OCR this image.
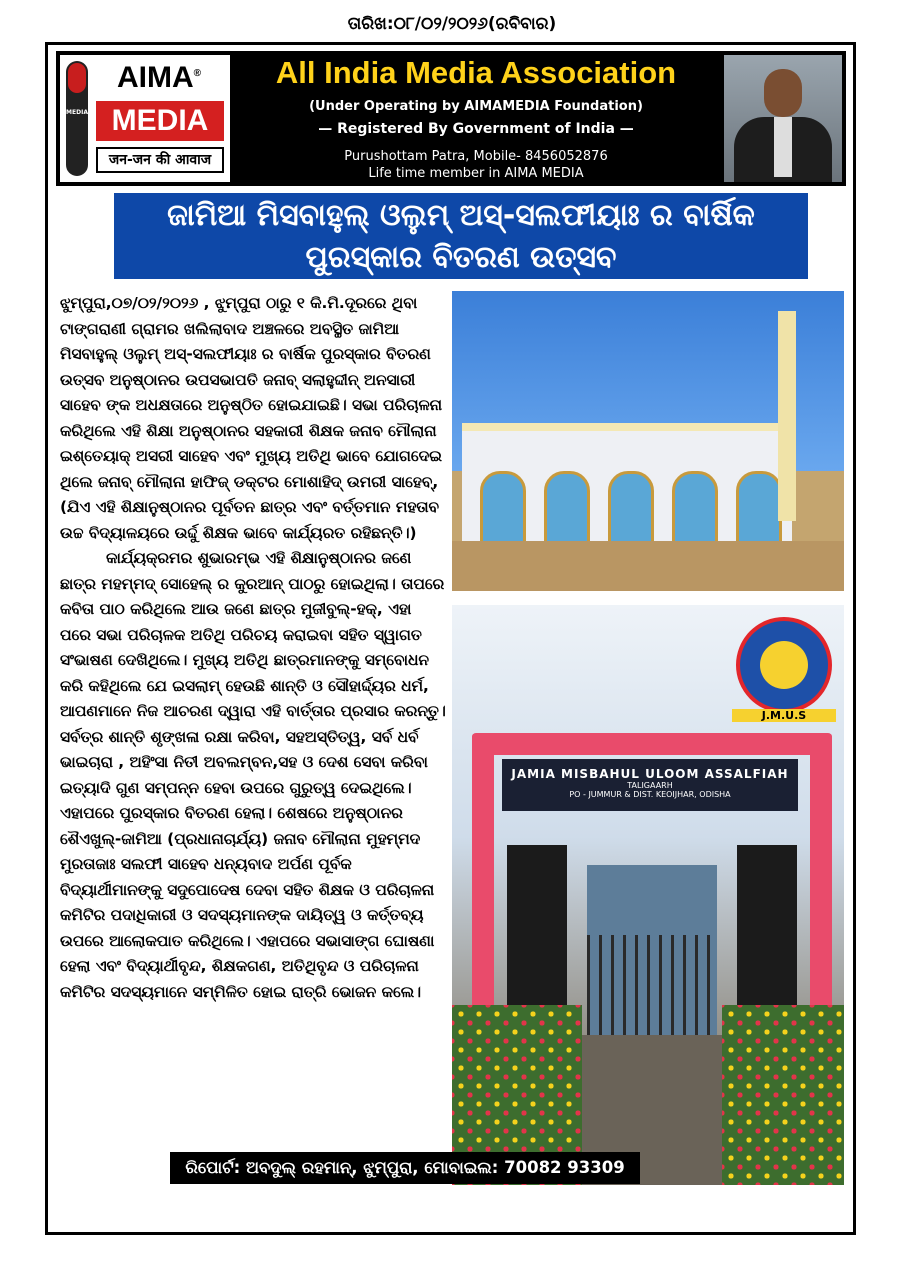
ତାରିଖ:୦୮/୦୨/୨୦୨୬(ରବିବାର)
MEDIA
AIMA®
MEDIA
जन-जन की आवाज
All India Media Association
(Under Operating by AIMAMEDIA Foundation)
— Registered By Government of India —
Purushottam Patra, Mobile- 8456052876
Life time member in AIMA MEDIA
ଜାମିଆ ମିସବାହୁଲ୍ ଓଲୁମ୍ ଅସ୍-ସଲଫୀୟାଃ ର ବାର୍ଷିକ
ପୁରସ୍କାର ବିତରଣ ଉତ୍ସବ

ଝୁମ୍ପୁରା,୦୭/୦୨/୨୦୨୬ , ଝୁମ୍ପୁରା ଠାରୁ ୧ କି.ମି.ଦୂରରେ ଥିବା ଟାଙ୍ଗରାଣୀ ଗ୍ରାମର ଖଲିଲାବାଦ ଅଞ୍ଚଳରେ ଅବସ୍ଥିତ ଜାମିଆ ମିସବାହୁଲ୍ ଓଲୁମ୍ ଅସ୍-ସଲଫୀୟାଃ ର ବାର୍ଷିକ ପୁରସ୍କାର ବିତରଣ ଉତ୍ସବ ଅନୁଷ୍ଠାନର ଉପସଭାପତି ଜନାବ୍ ସଲାହୁଦ୍ଦୀନ୍ ଅନସାରୀ ସାହେବ ଙ୍କ ଅଧକ୍ଷତାରେ ଅନୁଷ୍ଠିତ ହୋଇଯାଇଛି। ସଭା ପରିଚାଳନା କରିଥିଲେ ଏହି ଶିକ୍ଷା ଅନୁଷ୍ଠାନର ସହକାରୀ ଶିକ୍ଷକ ଜନାବ ମୌଲାନା ଇଶ୍ତେୟାକ୍ ଅସରୀ ସାହେବ ଏବଂ ମୁଖ୍ୟ ଅତିଥି ଭାବେ ଯୋଗଦେଇ ଥିଲେ ଜନାବ୍ ମୌଲାନା ହାଫିଜ୍ ଡକ୍ଟର ମୋଶାହିଦ୍ ଉମରୀ ସାହେବ୍,(ଯିଏ ଏହି ଶିକ୍ଷାନୁଷ୍ଠାନର ପୂର୍ବତନ ଛାତ୍ର ଏବଂ ବର୍ତ୍ତମାନ ମହତାବ ଉଚ୍ଚ ବିଦ୍ୟାଳୟରେ ଉର୍ଦ୍ଦୁ ଶିକ୍ଷକ ଭାବେ କାର୍ଯ୍ୟରତ ରହିଛନ୍ତି।)

କାର୍ଯ୍ୟକ୍ରମର ଶୁଭାରମ୍ଭ ଏହି ଶିକ୍ଷାନୁଷ୍ଠାନର ଜଣେ ଛାତ୍ର ମହମ୍ମଦ୍ ସୋହେଲ୍ ର କୁରଆନ୍ ପାଠରୁ ହୋଇଥିଲା। ତାପରେ କବିତା ପାଠ କରିଥିଲେ ଆଉ ଜଣେ ଛାତ୍ର ମୁଜୀବୁଲ୍-ହକ୍, ଏହା ପରେ ସଭା ପରିଚାଳକ ଅତିଥି ପରିଚୟ କରାଇବା ସହିତ ସ୍ୱାଗତ ସଂଭାଷଣ ଦେଖିଥିଲେ। ମୁଖ୍ୟ ଅତିଥି ଛାତ୍ରମାନଙ୍କୁ ସମ୍ବୋଧନ କରି କହିଥିଲେ ଯେ ଇସଲାମ୍ ହେଉଛି ଶାନ୍ତି ଓ ସୌହାର୍ଦ୍ଦ୍ୟର ଧର୍ମ, ଆପଣମାନେ ନିଜ ଆଚରଣ ଦ୍ୱାରା ଏହି ବାର୍ତ୍ତାର ପ୍ରସାର କରନ୍ତୁ। ସର୍ବତ୍ର ଶାନ୍ତି ଶୃଙ୍ଖଳା ରକ୍ଷା କରିବା, ସହଅସ୍ତିତ୍ୱ, ସର୍ବ ଧର୍ବ ଭାଇଚାରା , ଅହିଂସା ନିତୀ ଅବଲମ୍ବନ,ସହ ଓ ଦେଶ ସେବା କରିବା ଇତ୍ୟାଦି ଗୁଣ ସମ୍ପନ୍ନ ହେବା ଉପରେ ଗୁରୁତ୍ୱ ଦେଇଥିଲେ।ଏହାପରେ ପୁରସ୍କାର ବିତରଣ ହେଲା। ଶେଷରେ ଅନୁଷ୍ଠାନର ଶୈଏଖୁଲ୍-ଜାମିଆ (ପ୍ରଧାନାଚାର୍ଯ୍ୟ) ଜନାବ ମୌଲାନା ମୁହମ୍ମଦ ମୁରତାଜାଃ ସଲଫୀ ସାହେବ ଧନ୍ୟବାଦ ଅର୍ପଣ ପୂର୍ବକ ବିଦ୍ୟାର୍ଥୀମାନଙ୍କୁ ସଦୁପୋଦେଷ ଦେବା ସହିତ ଶିକ୍ଷକ ଓ ପରିଚାଳନା କମିଟିର ପଦାଧିକାରୀ ଓ ସଦସ୍ୟମାନଙ୍କ ଦାୟିତ୍ୱ ଓ କର୍ତ୍ତବ୍ୟ ଉପରେ ଆଲୋକପାତ କରିଥିଲେ। ଏହାପରେ ସଭାସାଙ୍ଗ ଘୋଷଣା ହେଲା ଏବଂ ବିଦ୍ୟାର୍ଥୀବୃନ୍ଦ, ଶିକ୍ଷକଗଣ, ଅତିଥିବୃନ୍ଦ ଓ ପରିଚାଳନା କମିଟିର ସଦସ୍ୟମାନେ ସମ୍ମିଳିତ ହୋଇ ରାତ୍ରି ଭୋଜନ କଲେ।

JAMIA MISBAHUL ULOOM ASSALFIAH
TALIGAARH
PO - JUMMUR & DIST. KEOIJHAR, ODISHA
J.M.U.S
ରିପୋର୍ଟ: ଅବଦୁଲ୍ ରହମାନ୍, ଝୁମ୍ପୁରା, ମୋବାଇଲ: 70082 93309
